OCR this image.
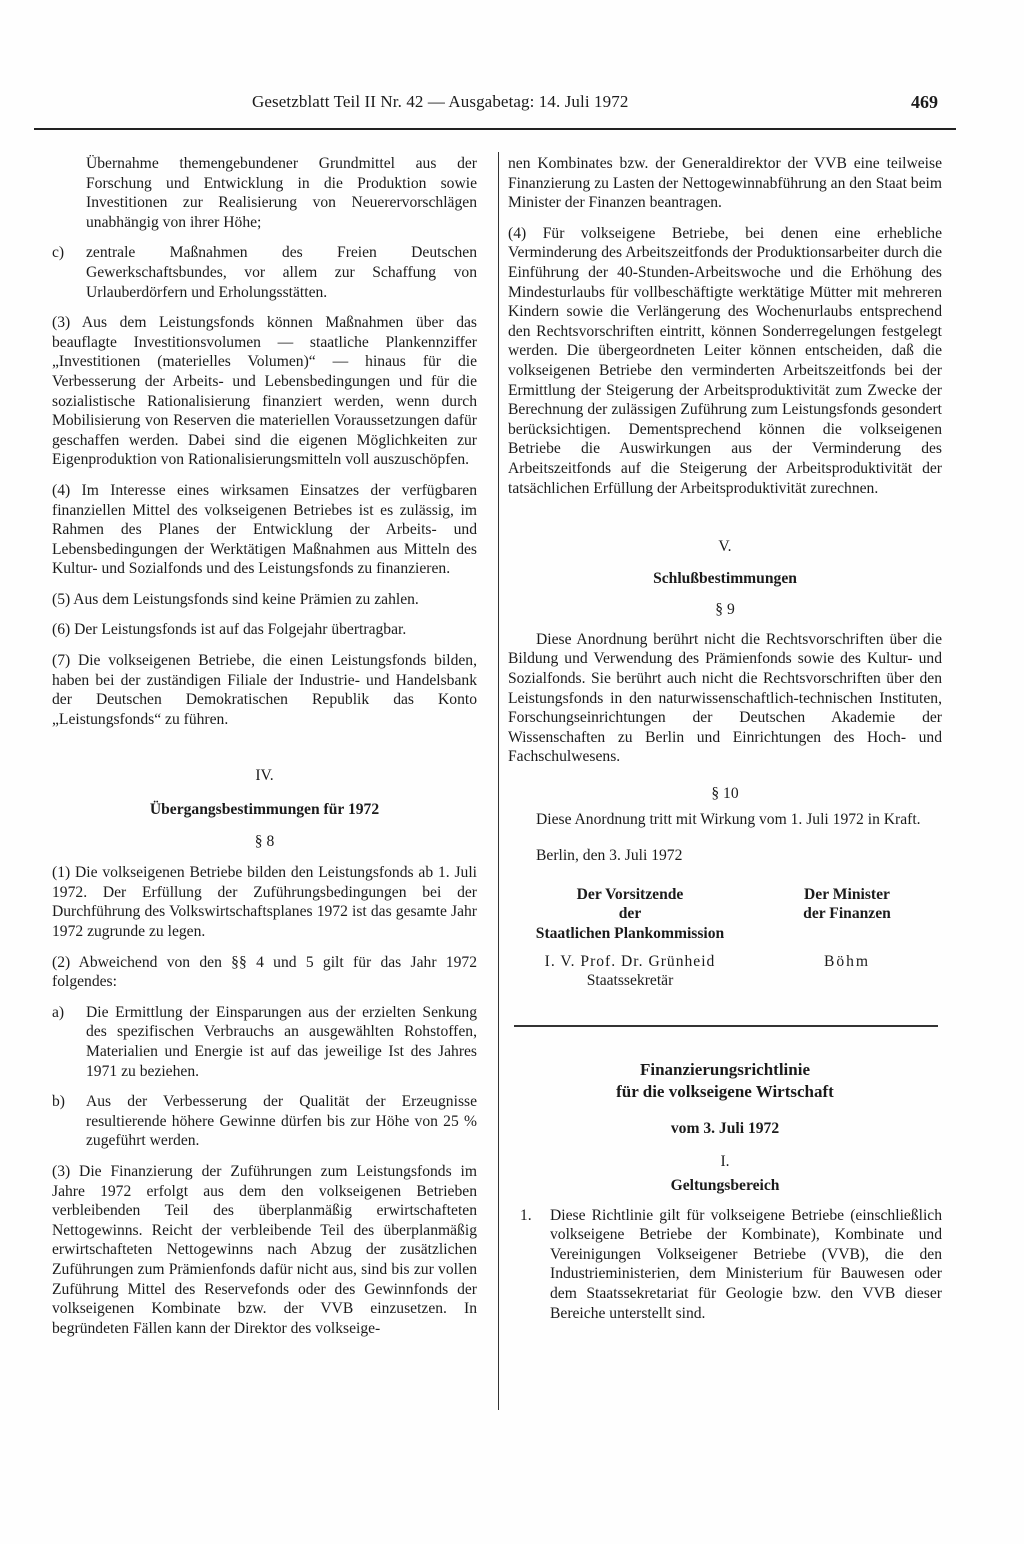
Gesetzblatt Teil II Nr. 42 — Ausgabetag: 14. Juli 1972	469

Übernahme themengebundener Grundmittel aus der Forschung und Entwicklung in die Produktion sowie Investitionen zur Realisierung von Neuerervorschlägen unabhängig von ihrer Höhe;

c)	zentrale Maßnahmen des Freien Deutschen Gewerkschaftsbundes, vor allem zur Schaffung von Urlauberdörfern und Erholungsstätten.

(3) Aus dem Leistungsfonds können Maßnahmen über das beauflagte Investitionsvolumen — staatliche Plankennziffer „Investitionen (materielles Volumen)“ — hinaus für die Verbesserung der Arbeits- und Lebensbedingungen und für die sozialistische Rationalisierung finanziert werden, wenn durch Mobilisierung von Reserven die materiellen Voraussetzungen dafür geschaffen werden. Dabei sind die eigenen Möglichkeiten zur Eigenproduktion von Rationalisierungsmitteln voll auszuschöpfen.

(4) Im Interesse eines wirksamen Einsatzes der verfügbaren finanziellen Mittel des volkseigenen Betriebes ist es zulässig, im Rahmen des Planes der Entwicklung der Arbeits- und Lebensbedingungen der Werktätigen Maßnahmen aus Mitteln des Kultur- und Sozialfonds und des Leistungsfonds zu finanzieren.

(5) Aus dem Leistungsfonds sind keine Prämien zu zahlen.

(6) Der Leistungsfonds ist auf das Folgejahr übertragbar.

(7) Die volkseigenen Betriebe, die einen Leistungsfonds bilden, haben bei der zuständigen Filiale der Industrie- und Handelsbank der Deutschen Demokratischen Republik das Konto „Leistungsfonds“ zu führen.

IV.

Übergangsbestimmungen für 1972

§ 8

(1) Die volkseigenen Betriebe bilden den Leistungsfonds ab 1. Juli 1972. Der Erfüllung der Zuführungsbedingungen bei der Durchführung des Volkswirtschaftsplanes 1972 ist das gesamte Jahr 1972 zugrunde zu legen.

(2) Abweichend von den §§ 4 und 5 gilt für das Jahr 1972 folgendes:

a)	Die Ermittlung der Einsparungen aus der erzielten Senkung des spezifischen Verbrauchs an ausgewählten Rohstoffen, Materialien und Energie ist auf das jeweilige Ist des Jahres 1971 zu beziehen.
b)	Aus der Verbesserung der Qualität der Erzeugnisse resultierende höhere Gewinne dürfen bis zur Höhe von 25 % zugeführt werden.

(3) Die Finanzierung der Zuführungen zum Leistungsfonds im Jahre 1972 erfolgt aus dem den volkseigenen Betrieben verbleibenden Teil des überplanmäßig erwirtschafteten Nettogewinns. Reicht der verbleibende Teil des überplanmäßig erwirtschafteten Nettogewinns nach Abzug der zusätzlichen Zuführungen zum Prämienfonds dafür nicht aus, sind bis zur vollen Zuführung Mittel des Reservefonds oder des Gewinnfonds der volkseigenen Kombinate bzw. der VVB einzusetzen. In begründeten Fällen kann der Direktor des volkseige-

nen Kombinates bzw. der Generaldirektor der VVB eine teilweise Finanzierung zu Lasten der Nettogewinnabführung an den Staat beim Minister der Finanzen beantragen.

(4) Für volkseigene Betriebe, bei denen eine erhebliche Verminderung des Arbeitszeitfonds der Produktionsarbeiter durch die Einführung der 40-Stunden-Arbeitswoche und die Erhöhung des Mindesturlaubs für vollbeschäftigte werktätige Mütter mit mehreren Kindern sowie die Verlängerung des Wochenurlaubs entsprechend den Rechtsvorschriften eintritt, können Sonderregelungen festgelegt werden. Die übergeordneten Leiter können entscheiden, daß die volkseigenen Betriebe den verminderten Arbeitszeitfonds bei der Ermittlung der Steigerung der Arbeitsproduktivität zum Zwecke der Berechnung der zulässigen Zuführung zum Leistungsfonds gesondert berücksichtigen. Dementsprechend können die volkseigenen Betriebe die Auswirkungen aus der Verminderung des Arbeitszeitfonds auf die Steigerung der Arbeitsproduktivität der tatsächlichen Erfüllung der Arbeitsproduktivität zurechnen.

V.

Schlußbestimmungen

§ 9

Diese Anordnung berührt nicht die Rechtsvorschriften über die Bildung und Verwendung des Prämienfonds sowie des Kultur- und Sozialfonds. Sie berührt auch nicht die Rechtsvorschriften über den Leistungsfonds in den naturwissenschaftlich-technischen Instituten, Forschungseinrichtungen der Deutschen Akademie der Wissenschaften zu Berlin und Einrichtungen des Hoch- und Fachschulwesens.

§ 10

Diese Anordnung tritt mit Wirkung vom 1. Juli 1972 in Kraft.

Berlin, den 3. Juli 1972

Der Vorsitzende	Der Minister
der	der Finanzen
Staatlichen Plankommission
I. V. Prof. Dr. Grünheid	Böhm
Staatssekretär

Finanzierungsrichtlinie

für die volkseigene Wirtschaft

vom 3. Juli 1972

I.

Geltungsbereich

1.	Diese Richtlinie gilt für volkseigene Betriebe (einschließlich volkseigene Betriebe der Kombinate), Kombinate und Vereinigungen Volkseigener Betriebe (VVB), die den Industrieministerien, dem Ministerium für Bauwesen oder dem Staatssekretariat für Geologie bzw. den VVB dieser Bereiche unterstellt sind.
